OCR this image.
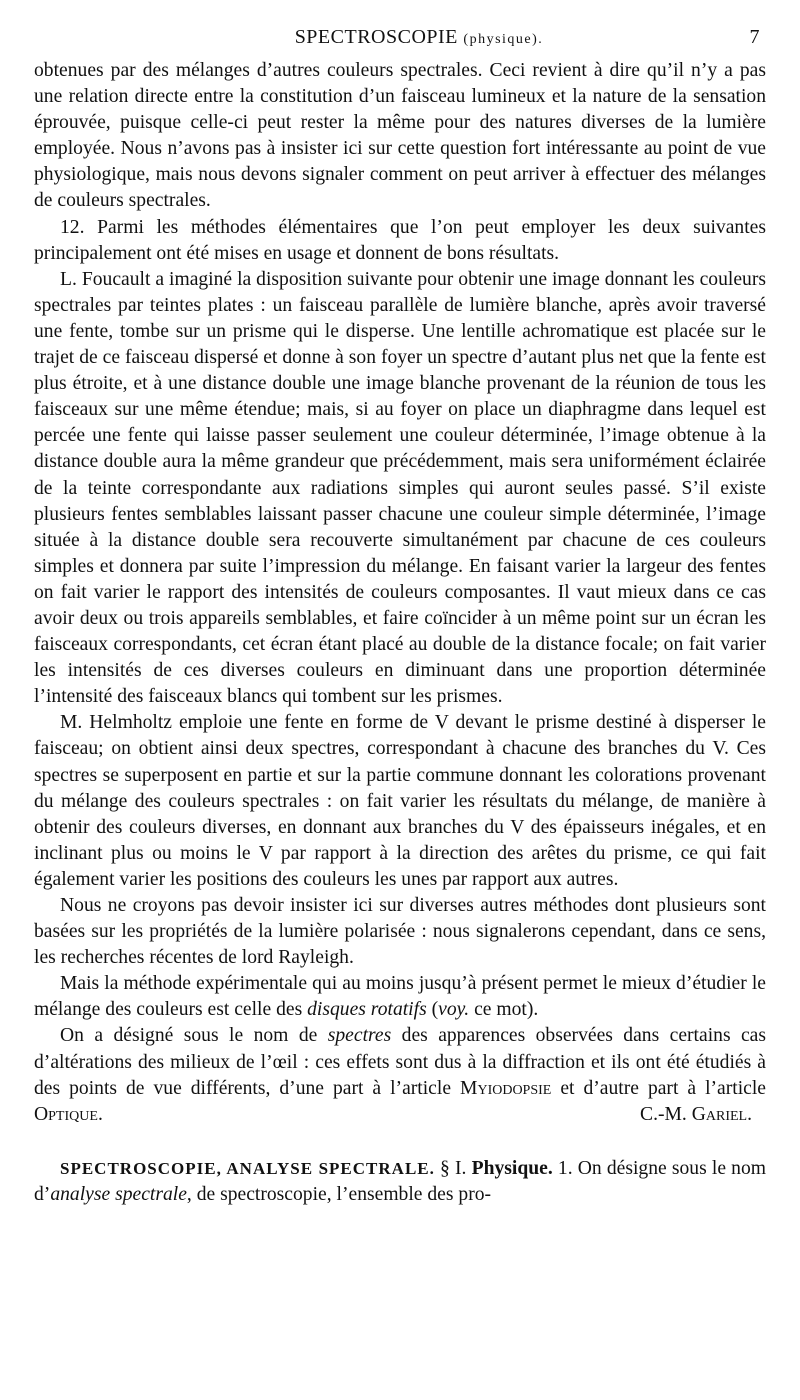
SPECTROSCOPIE (physique).	7

obtenues par des mélanges d’autres couleurs spectrales. Ceci revient à dire qu’il n’y a pas une relation directe entre la constitution d’un faisceau lumineux et la nature de la sensation éprouvée, puisque celle-ci peut rester la même pour des natures diverses de la lumière employée. Nous n’avons pas à insister ici sur cette question fort intéressante au point de vue physiologique, mais nous devons signaler comment on peut arriver à effectuer des mélanges de couleurs spectrales.

12. Parmi les méthodes élémentaires que l’on peut employer les deux suivantes principalement ont été mises en usage et donnent de bons résultats.

L. Foucault a imaginé la disposition suivante pour obtenir une image donnant les couleurs spectrales par teintes plates : un faisceau parallèle de lumière blanche, après avoir traversé une fente, tombe sur un prisme qui le disperse. Une lentille achromatique est placée sur le trajet de ce faisceau dispersé et donne à son foyer un spectre d’autant plus net que la fente est plus étroite, et à une distance double une image blanche provenant de la réunion de tous les faisceaux sur une même étendue; mais, si au foyer on place un diaphragme dans lequel est percée une fente qui laisse passer seulement une couleur déterminée, l’image obtenue à la distance double aura la même grandeur que précédemment, mais sera uniformément éclairée de la teinte correspondante aux radiations simples qui auront seules passé. S’il existe plusieurs fentes semblables laissant passer chacune une couleur simple déterminée, l’image située à la distance double sera recouverte simultanément par chacune de ces couleurs simples et donnera par suite l’impression du mélange. En faisant varier la largeur des fentes on fait varier le rapport des intensités de couleurs composantes. Il vaut mieux dans ce cas avoir deux ou trois appareils semblables, et faire coïncider à un même point sur un écran les faisceaux correspondants, cet écran étant placé au double de la distance focale; on fait varier les intensités de ces diverses couleurs en diminuant dans une proportion déterminée l’intensité des faisceaux blancs qui tombent sur les prismes.

M. Helmholtz emploie une fente en forme de V devant le prisme destiné à disperser le faisceau; on obtient ainsi deux spectres, correspondant à chacune des branches du V. Ces spectres se superposent en partie et sur la partie commune donnant les colorations provenant du mélange des couleurs spectrales : on fait varier les résultats du mélange, de manière à obtenir des couleurs diverses, en donnant aux branches du V des épaisseurs inégales, et en inclinant plus ou moins le V par rapport à la direction des arêtes du prisme, ce qui fait également varier les positions des couleurs les unes par rapport aux autres.

Nous ne croyons pas devoir insister ici sur diverses autres méthodes dont plusieurs sont basées sur les propriétés de la lumière polarisée : nous signalerons cependant, dans ce sens, les recherches récentes de lord Rayleigh.

Mais la méthode expérimentale qui au moins jusqu’à présent permet le mieux d’étudier le mélange des couleurs est celle des disques rotatifs (voy. ce mot).

On a désigné sous le nom de spectres des apparences observées dans certains cas d’altérations des milieux de l’œil : ces effets sont dus à la diffraction et ils ont été étudiés à des points de vue différents, d’une part à l’article Myiodopsie et d’autre part à l’article Optique.	C.-M. Gariel.

SPECTROSCOPIE, ANALYSE SPECTRALE. § I. Physique. 1. On désigne sous le nom d’analyse spectrale, de spectroscopie, l’ensemble des pro-
